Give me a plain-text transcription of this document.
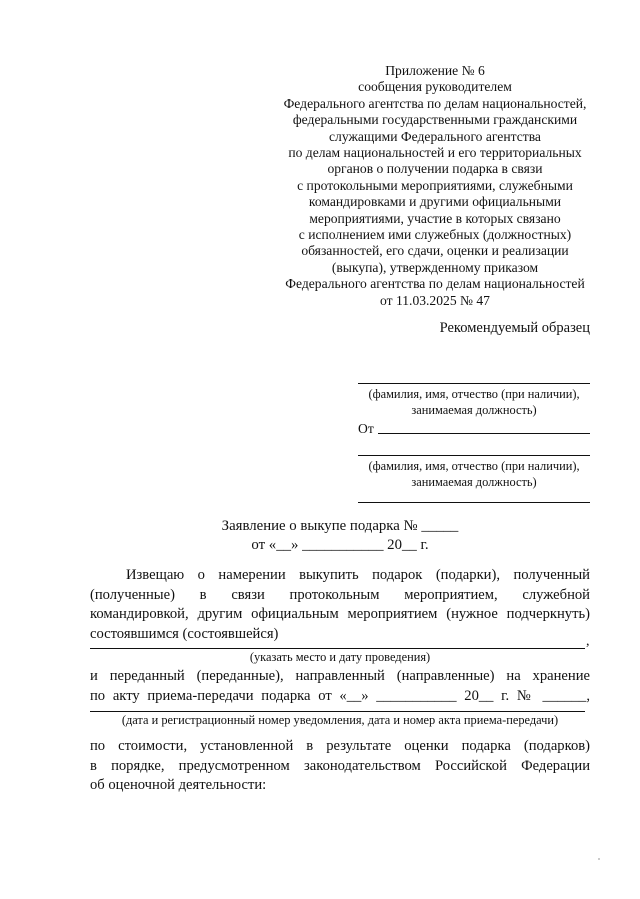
Приложение № 6
сообщения руководителем
Федерального агентства по делам национальностей,
федеральными государственными гражданскими
служащими Федерального агентства
по делам национальностей и его территориальных
органов о получении подарка в связи
с протокольными мероприятиями, служебными
командировками и другими официальными
мероприятиями, участие в которых связано
с исполнением ими служебных (должностных)
обязанностей, его сдачи, оценки и реализации
(выкупа), утвержденному приказом
Федерального агентства по делам национальностей
от 11.03.2025 № 47
Рекомендуемый образец
(фамилия, имя, отчество (при наличии),
занимаемая должность)
От
(фамилия, имя, отчество (при наличии),
занимаемая должность)
Заявление о выкупе подарка № _____
от «__» ___________ 20__ г.
Извещаю о намерении выкупить подарок (подарки), полученный
(полученные) в связи протокольным мероприятием, служебной
командировкой, другим официальным мероприятием (нужное подчеркнуть)
состоявшимся (состоявшейся)	,
(указать место и дату проведения)
и переданный (переданные), направленный (направленные) на хранение
по акту приема-передачи подарка от «__» ___________ 20__ г. № ______,
(дата и регистрационный номер уведомления, дата и номер акта приема-передачи)
по стоимости, установленной в результате оценки подарка (подарков)
в порядке, предусмотренном законодательством Российской Федерации
об оценочной деятельности:
